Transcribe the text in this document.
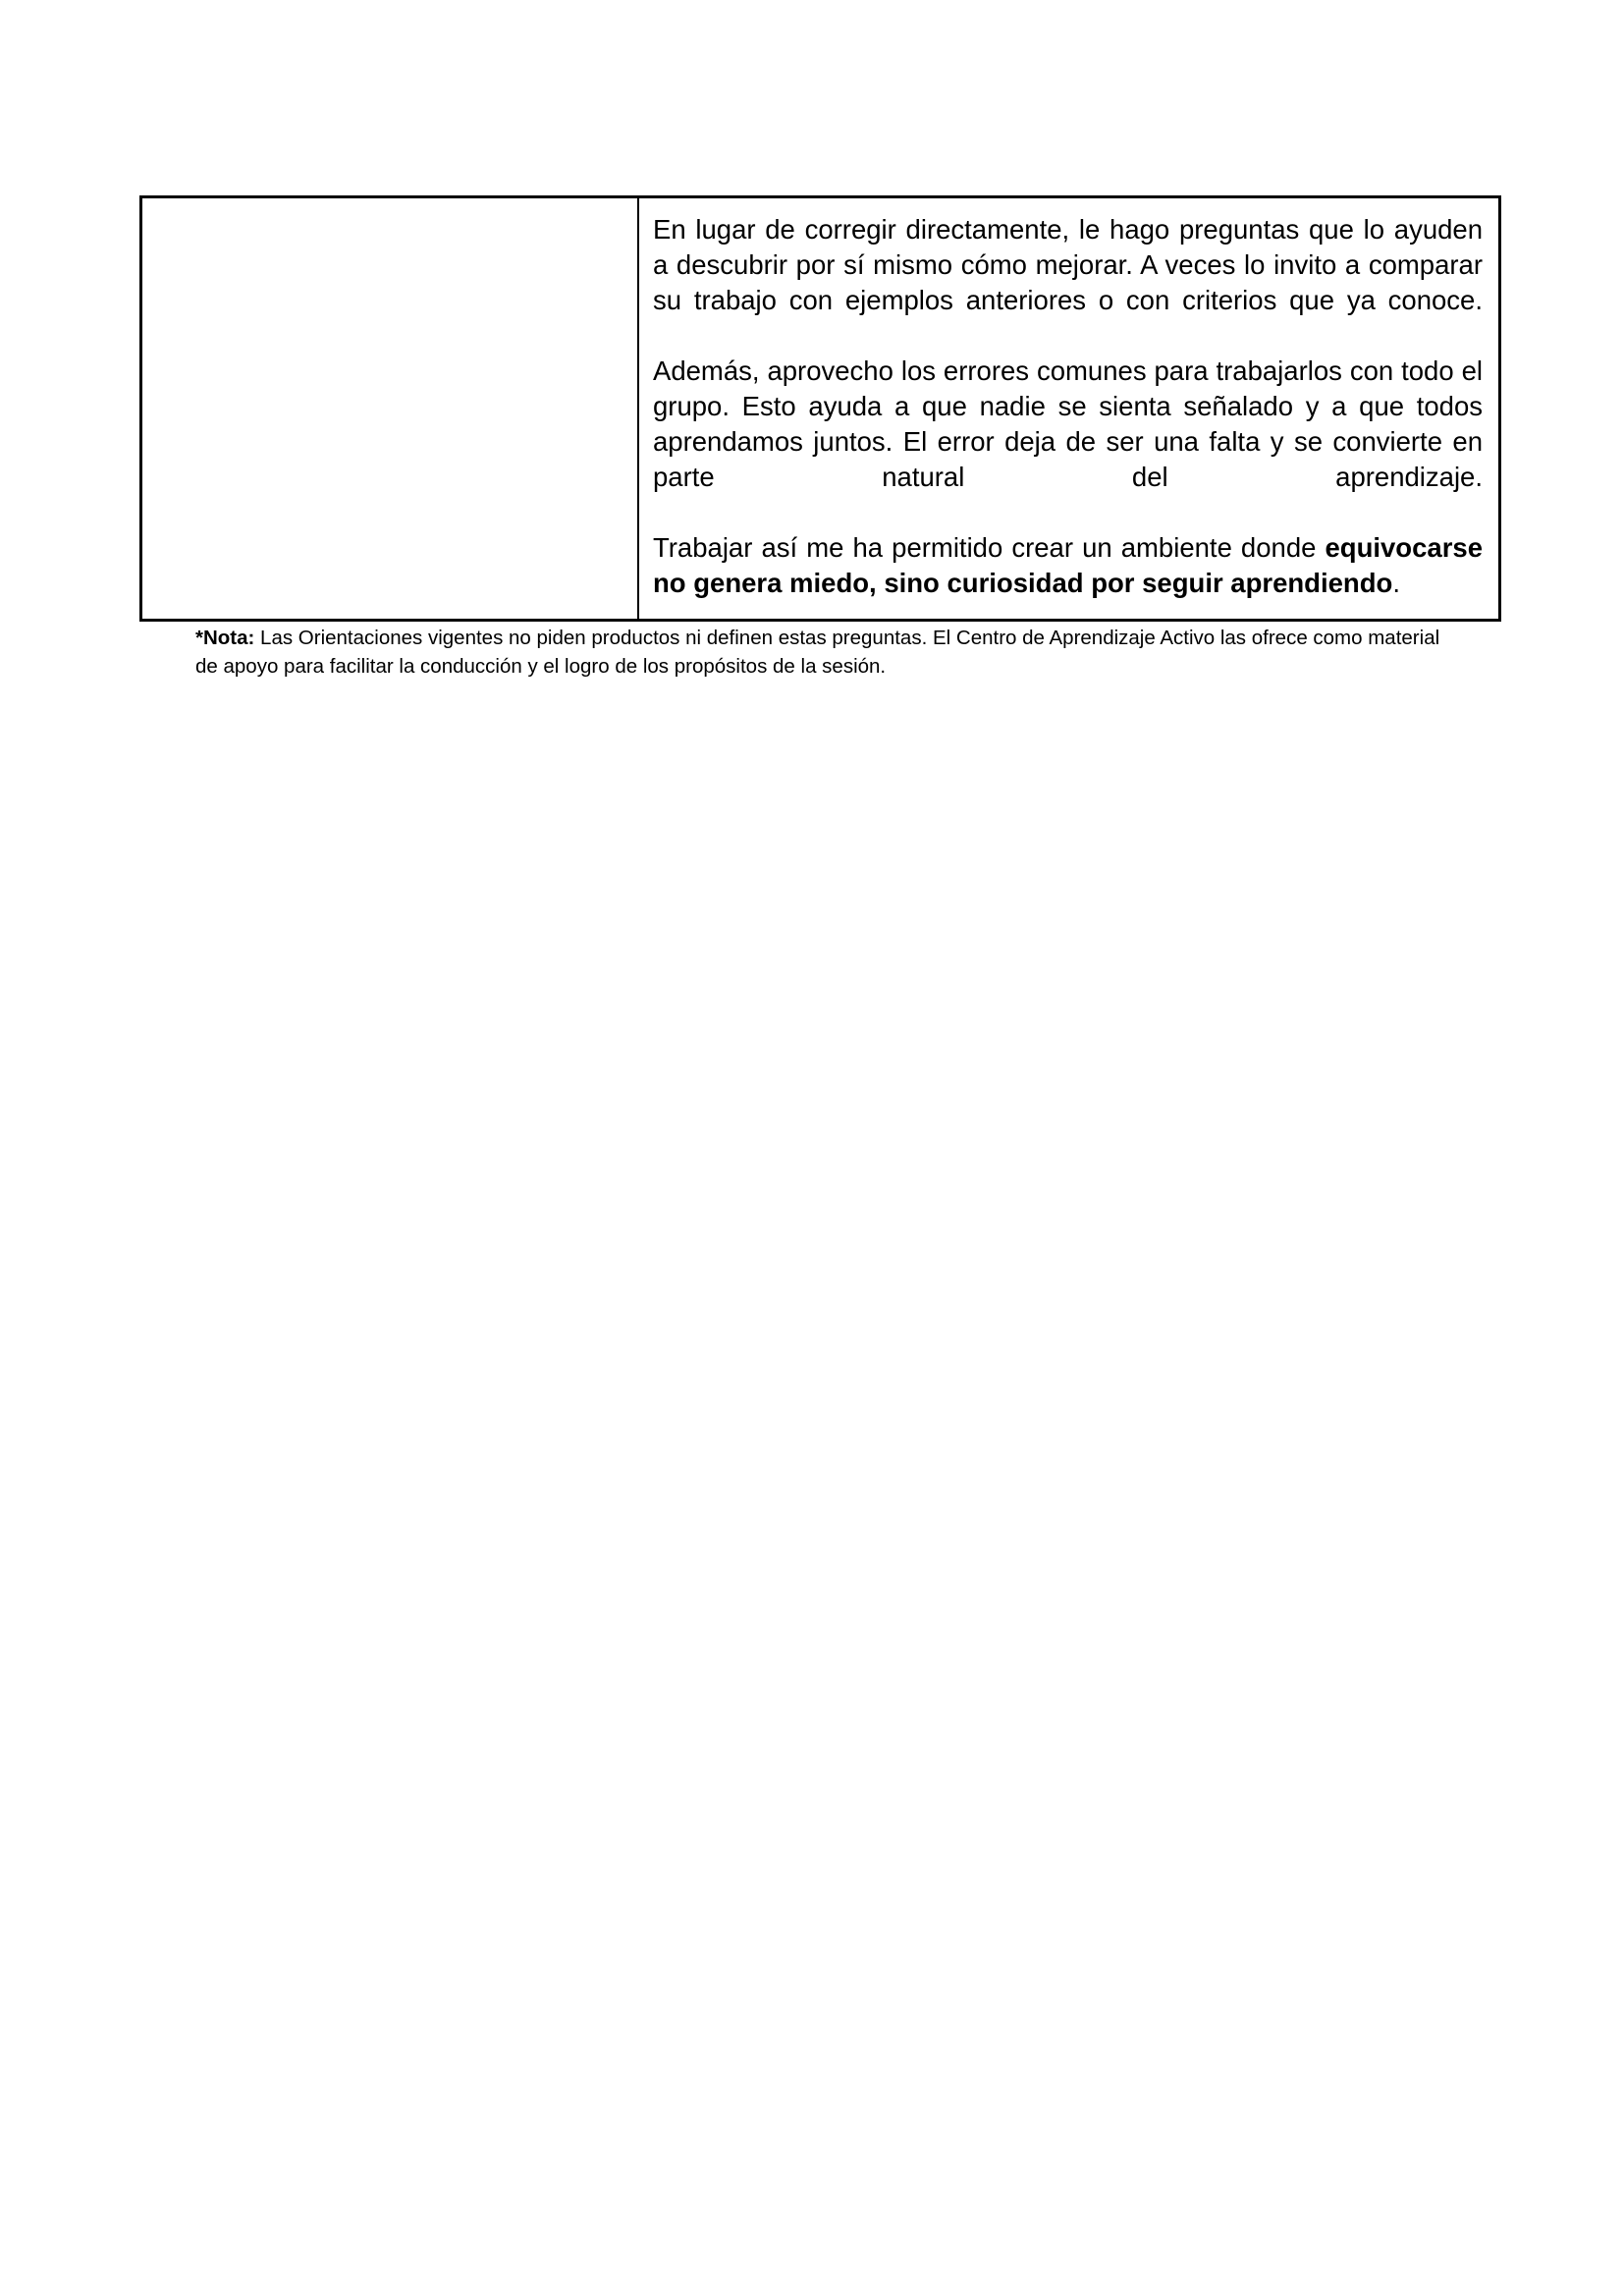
En lugar de corregir directamente, le hago preguntas que lo ayuden a descubrir por sí mismo cómo mejorar. A veces lo invito a comparar su trabajo con ejemplos anteriores o con criterios que ya conoce.

Además, aprovecho los errores comunes para trabajarlos con todo el grupo. Esto ayuda a que nadie se sienta señalado y a que todos aprendamos juntos. El error deja de ser una falta y se convierte en parte natural del aprendizaje.

Trabajar así me ha permitido crear un ambiente donde equivocarse no genera miedo, sino curiosidad por seguir aprendiendo.

*Nota: Las Orientaciones vigentes no piden productos ni definen estas preguntas. El Centro de Aprendizaje Activo las ofrece como material de apoyo para facilitar la conducción y el logro de los propósitos de la sesión.
